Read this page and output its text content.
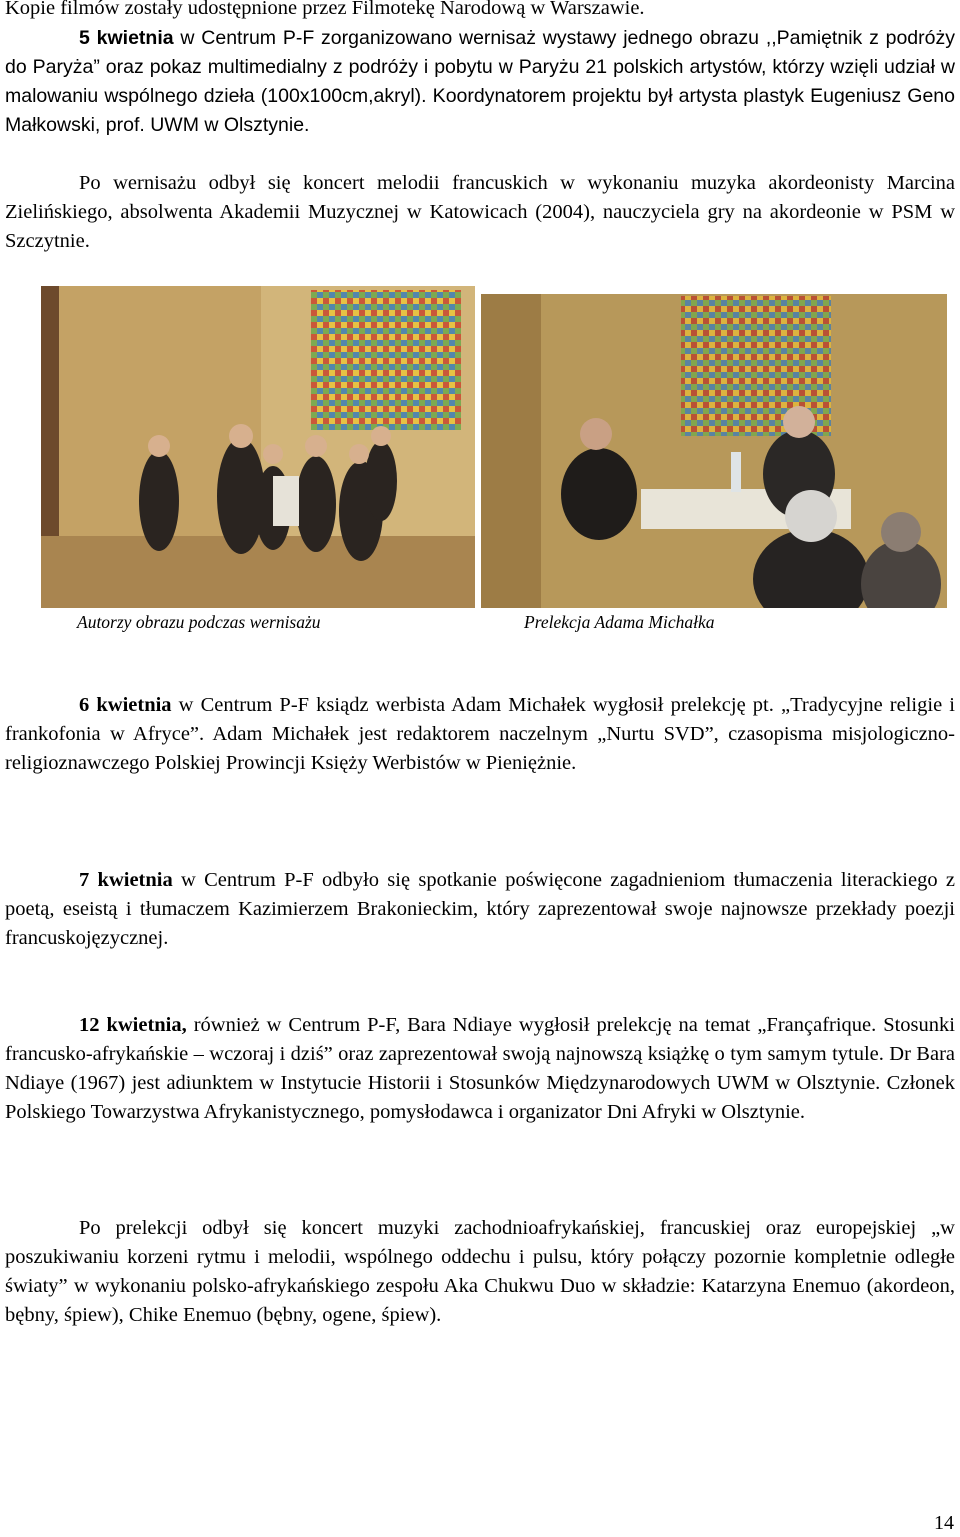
Kopie filmów zostały udostępnione przez Filmotekę Narodową w Warszawie.

5 kwietnia w Centrum P-F zorganizowano wernisaż wystawy jednego obrazu ,,Pamiętnik z podróży do Paryża” oraz pokaz multimedialny z podróży i pobytu w Paryżu 21 polskich artystów, którzy wzięli udział w malowaniu wspólnego dzieła (100x100cm,akryl). Koordynatorem projektu był artysta plastyk Eugeniusz Geno Małkowski, prof. UWM w Olsztynie.

Po wernisażu odbył się koncert melodii francuskich w wykonaniu muzyka akordeonisty Marcina Zielińskiego, absolwenta Akademii Muzycznej w Katowicach (2004), nauczyciela gry na akordeonie w PSM w Szczytnie.

Autorzy obrazu podczas wernisażu	Prelekcja Adama Michałka

6 kwietnia w Centrum P-F ksiądz werbista Adam Michałek wygłosił prelekcję pt. „Tradycyjne religie i frankofonia w Afryce”. Adam Michałek jest redaktorem naczelnym „Nurtu SVD”, czasopisma misjologiczno-religioznawczego Polskiej Prowincji Księży Werbistów w Pieniężnie.

7 kwietnia w Centrum P-F odbyło się spotkanie poświęcone zagadnieniom tłumaczenia literackiego z poetą, eseistą i tłumaczem Kazimierzem Brakonieckim, który zaprezentował swoje najnowsze przekłady poezji francuskojęzycznej.

12 kwietnia, również w Centrum P-F, Bara Ndiaye wygłosił prelekcję na temat „Françafrique. Stosunki francusko-afrykańskie – wczoraj i dziś” oraz zaprezentował swoją najnowszą książkę o tym samym tytule. Dr Bara Ndiaye (1967) jest adiunktem w Instytucie Historii i Stosunków Międzynarodowych UWM w Olsztynie. Członek Polskiego Towarzystwa Afrykanistycznego, pomysłodawca i organizator Dni Afryki w Olsztynie.

Po prelekcji odbył się koncert muzyki zachodnioafrykańskiej, francuskiej oraz europejskiej „w poszukiwaniu korzeni rytmu i melodii, wspólnego oddechu i pulsu, który połączy pozornie kompletnie odległe światy” w wykonaniu polsko-afrykańskiego zespołu Aka Chukwu Duo w składzie: Katarzyna Enemuo (akordeon, bębny, śpiew), Chike Enemuo (bębny, ogene, śpiew).

14
